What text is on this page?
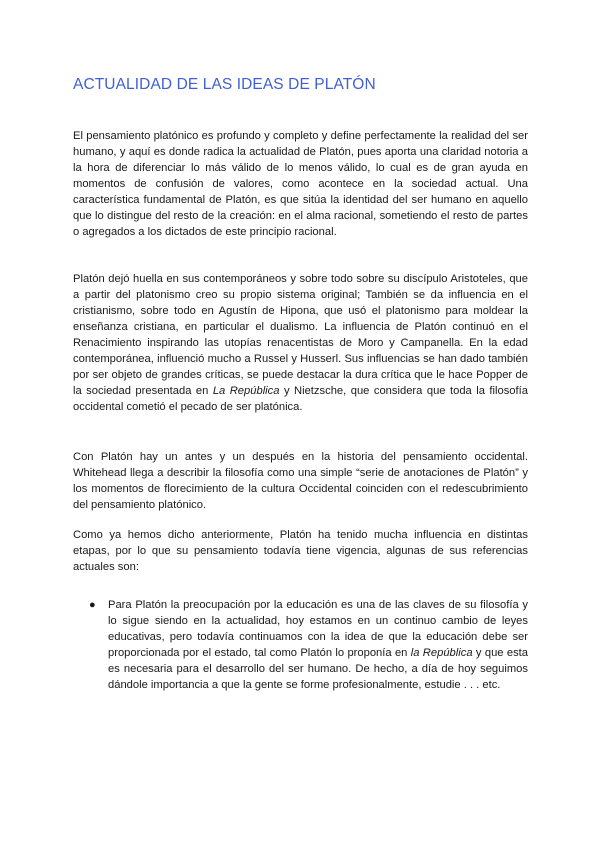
ACTUALIDAD DE LAS IDEAS DE PLATÓN

El pensamiento platónico es profundo y completo y define perfectamente la realidad del ser humano, y aquí es donde radica la actualidad de Platón, pues aporta una claridad notoria a la hora de diferenciar lo más válido de lo menos válido, lo cual es de gran ayuda en momentos de confusión de valores, como acontece en la sociedad actual. Una característica fundamental de Platón, es que sitúa la identidad del ser humano en aquello que lo distingue del resto de la creación: en el alma racional, sometiendo el resto de partes o agregados a los dictados de este principio racional.

Platón dejó huella en sus contemporáneos y sobre todo sobre su discípulo Aristoteles, que a partir del platonismo creo su propio sistema original; También se da influencia en el cristianismo, sobre todo en Agustín de Hipona, que usó el platonismo para moldear la enseñanza cristiana, en particular el dualismo. La influencia de Platón continuó en el Renacimiento inspirando las utopías renacentistas de Moro y Campanella. En la edad contemporánea, influenció mucho a Russel y Husserl. Sus influencias se han dado también por ser objeto de grandes críticas, se puede destacar la dura crítica que le hace Popper de la sociedad presentada en La República y Nietzsche, que considera que toda la filosofía occidental cometió el pecado de ser platónica.

Con Platón hay un antes y un después en la historia del pensamiento occidental. Whitehead llega a describir la filosofía como una simple “serie de anotaciones de Platón” y los momentos de florecimiento de la cultura Occidental coinciden con el redescubrimiento del pensamiento platónico.

Como ya hemos dicho anteriormente, Platón ha tenido mucha influencia en distintas etapas, por lo que su pensamiento todavía tiene vigencia, algunas de sus referencias actuales son:

● Para Platón la preocupación por la educación es una de las claves de su filosofía y lo sigue siendo en la actualidad, hoy estamos en un continuo cambio de leyes educativas, pero todavía continuamos con la idea de que la educación debe ser proporcionada por el estado, tal como Platón lo proponía en la República y que esta es necesaria para el desarrollo del ser humano. De hecho, a día de hoy seguimos dándole importancia a que la gente se forme profesionalmente, estudie . . . etc.
